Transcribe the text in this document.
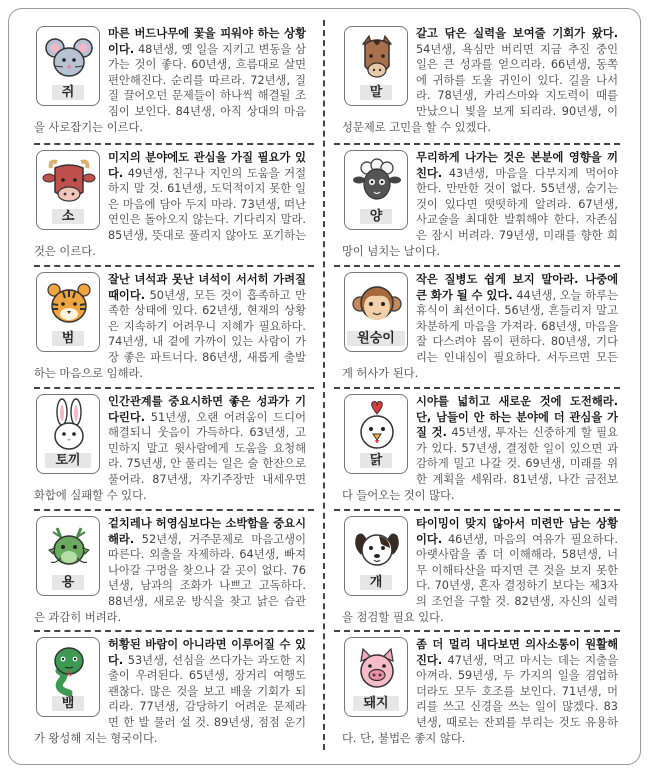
쥐
마른 버드나무에 꽃을 피워야 하는 상황이다. 48년생, 옛 일을 지키고 변동을 삼가는 것이 좋다. 60년생, 흐름대로 살면 편안해진다. 순리를 따르라. 72년생, 질질 끌어오던 문제들이 하나씩 해결될 조짐이 보인다. 84년생, 아직 상대의 마음을 사로잡기는 이르다.
말
갈고 닦은 실력을 보여줄 기회가 왔다. 54년생, 욕심만 버리면 지금 추진 중인 일은 큰 성과를 얻으리라. 66년생, 동쪽에 귀하를 도울 귀인이 있다. 길을 나서라. 78년생, 카리스마와 지도력이 때를 만났으니 빛을 보게 되리라. 90년생, 이성문제로 고민을 할 수 있겠다.
소
미지의 분야에도 관심을 가질 필요가 있다. 49년생, 친구나 지인의 도움을 거절하지 말 것. 61년생, 도덕적이지 못한 일은 마음에 담아 두지 마라. 73년생, 떠난 연인은 돌아오지 않는다. 기다리지 말라. 85년생, 뜻대로 풀리지 않아도 포기하는 것은 이르다.
양
무리하게 나가는 것은 본분에 영향을 끼친다. 43년생, 마음을 다부지게 먹어야 한다. 만만한 것이 없다. 55년생, 숨기는 것이 있다면 떳떳하게 알려라. 67년생, 사교술을 최대한 발휘해야 한다. 자존심은 잠시 버려라. 79년생, 미래를 향한 희망이 넘치는 날이다.
범
잘난 녀석과 못난 녀석이 서서히 가려질 때이다. 50년생, 모든 것이 흡족하고 만족한 상태에 있다. 62년생, 현재의 상황은 지속하기 어려우니 지혜가 필요하다. 74년생, 내 곁에 가까이 있는 사람이 가장 좋은 파트너다. 86년생, 새롭게 출발하는 마음으로 임해라.
원숭이
작은 질병도 쉽게 보지 말아라. 나중에 큰 화가 될 수 있다. 44년생, 오늘 하루는 휴식이 최선이다. 56년생, 흔들리지 말고 차분하게 마음을 가져라. 68년생, 마음을 잘 다스려야 몸이 편하다. 80년생, 기다리는 인내심이 필요하다. 서두르면 모든 게 허사가 된다.
토끼
인간관계를 중요시하면 좋은 성과가 기다린다. 51년생, 오랜 어려움이 드디어 해결되니 웃음이 가득하다. 63년생, 고민하지 말고 윗사람에게 도움을 요청해라. 75년생, 안 풀리는 일은 술 한잔으로 풀어라. 87년생, 자기주장만 내세우면 화합에 실패할 수 있다.
닭
시야를 넓히고 새로운 것에 도전해라. 단, 남들이 안 하는 분야에 더 관심을 가질 것. 45년생, 투자는 신중하게 할 필요가 있다. 57년생, 결정한 일이 있으면 과감하게 밀고 나갈 것. 69년생, 미래를 위한 계획을 세워라. 81년생, 나간 금전보다 들어오는 것이 많다.
용
겉치레나 허영심보다는 소박함을 중요시 해라. 52년생, 거주문제로 마음고생이 따른다. 외출을 자제하라. 64년생, 빠져 나아갈 구멍을 찾으나 갈 곳이 없다. 76년생, 남과의 조화가 나쁘고 고독하다. 88년생, 새로운 방식을 찾고 낡은 습관은 과감히 버려라.
개
타이밍이 맞지 않아서 미련만 남는 상황이다. 46년생, 마음의 여유가 필요하다. 아랫사람을 좀 더 이해해라. 58년생, 너무 이해타산을 따지면 큰 것을 보지 못한다. 70년생, 혼자 결정하기 보다는 제3자의 조언을 구할 것. 82년생, 자신의 실력을 점검할 필요 있다.
뱀
허황된 바람이 아니라면 이루어질 수 있다. 53년생, 선심을 쓰다가는 과도한 지출이 우려된다. 65년생, 장거리 여행도 괜찮다. 많은 것을 보고 배울 기회가 되리라. 77년생, 감당하기 어려운 문제라면 한 발 물러 설 것. 89년생, 점점 운기가 왕성해 지는 형국이다.
돼지
좀 더 멀리 내다보면 의사소통이 원활해 진다. 47년생, 먹고 마시는 데는 지출을 아껴라. 59년생, 두 가지의 일을 겸업하더라도 모두 호조를 보인다. 71년생, 머리를 쓰고 신경을 쓰는 일이 많겠다. 83년생, 때로는 잔꾀를 부리는 것도 유용하다. 단, 불법은 좋지 않다.
